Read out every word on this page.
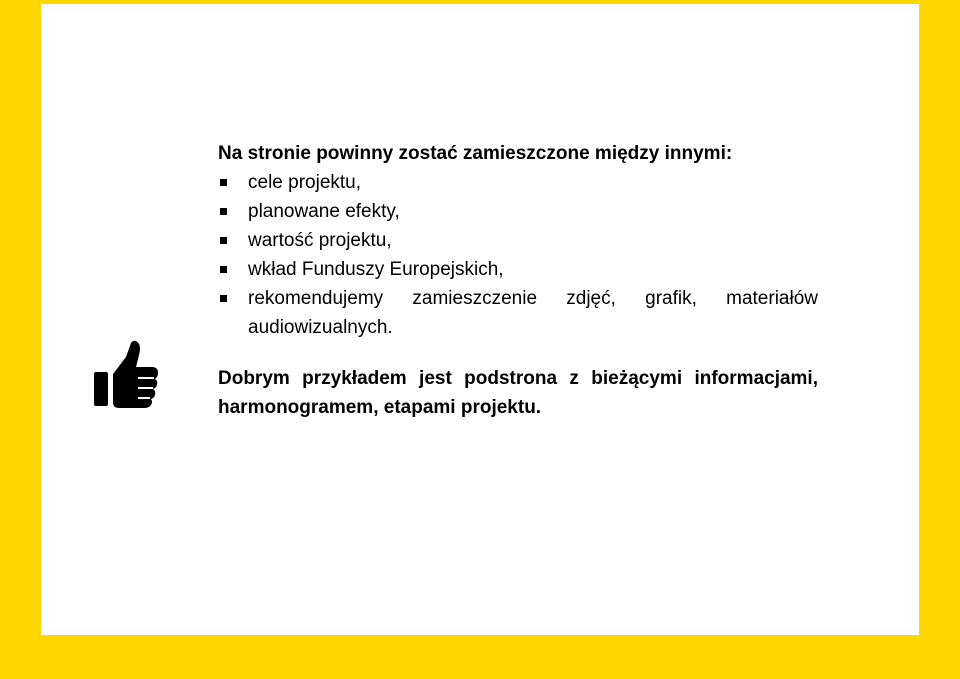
Na stronie powinny zostać zamieszczone między innymi:

cele projektu,
planowane efekty,
wartość projektu,
wkład Funduszy Europejskich,
rekomendujemy zamieszczenie zdjęć, grafik, materiałów audiowizualnych.

Dobrym przykładem jest podstrona z bieżącymi informacjami, harmonogramem, etapami projektu.
